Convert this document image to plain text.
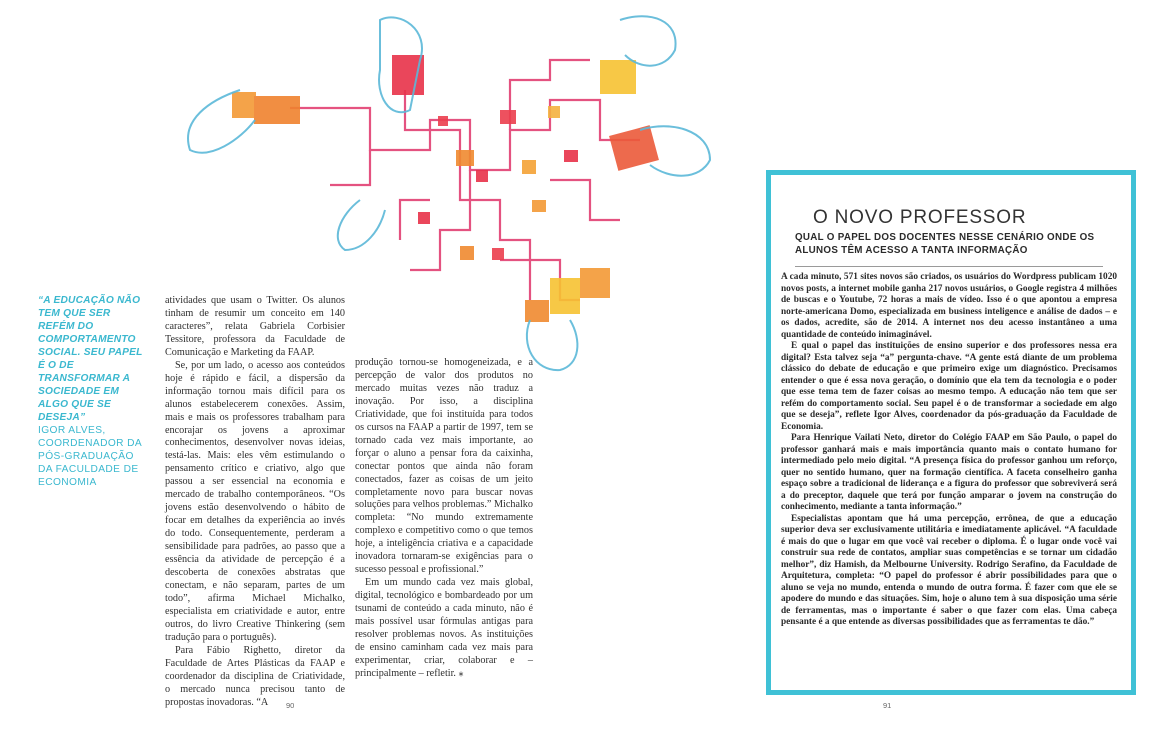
“A EDUCAÇÃO NÃO TEM QUE SER REFÉM DO COMPORTAMENTO SOCIAL. SEU PAPEL É O DE TRANSFORMAR A SOCIEDADE EM ALGO QUE SE DESEJA”
IGOR ALVES, COORDENADOR DA PÓS-GRADUAÇÃO DA FACULDADE DE ECONOMIA

atividades que usam o Twitter. Os alunos tinham de resumir um conceito em 140 caracteres”, relata Gabriela Corbisier Tessitore, professora da Faculdade de Comunicação e Marketing da FAAP.

Se, por um lado, o acesso aos conteúdos hoje é rápido e fácil, a dispersão da informação tornou mais difícil para os alunos estabelecerem conexões. Assim, mais e mais os professores trabalham para encorajar os jovens a aproximar conhecimentos, desenvolver novas ideias, testá-las. Mais: eles vêm estimulando o pensamento crítico e criativo, algo que passou a ser essencial na economia e mercado de trabalho contemporâneos. “Os jovens estão desenvolvendo o hábito de focar em detalhes da experiência ao invés do todo. Consequentemente, perderam a sensibilidade para padrões, ao passo que a essência da atividade de percepção é a descoberta de conexões abstratas que conectam, e não separam, partes de um todo”, afirma Michael Michalko, especialista em criatividade e autor, entre outros, do livro Creative Thinkering (sem tradução para o português).

Para Fábio Righetto, diretor da Faculdade de Artes Plásticas da FAAP e coordenador da disciplina de Criatividade, o mercado nunca precisou tanto de propostas inovadoras. “A

produção tornou-se homogeneizada, e a percepção de valor dos produtos no mercado muitas vezes não traduz a inovação. Por isso, a disciplina Criatividade, que foi instituída para todos os cursos na FAAP a partir de 1997, tem se tornado cada vez mais importante, ao forçar o aluno a pensar fora da caixinha, conectar pontos que ainda não foram conectados, fazer as coisas de um jeito completamente novo para buscar novas soluções para velhos problemas.” Michalko completa: “No mundo extremamente complexo e competitivo como o que temos hoje, a inteligência criativa e a capacidade inovadora tornaram-se exigências para o sucesso pessoal e profissional.”

Em um mundo cada vez mais global, digital, tecnológico e bombardeado por um tsunami de conteúdo a cada minuto, não é mais possível usar fórmulas antigas para resolver problemas novos. As instituições de ensino caminham cada vez mais para experimentar, criar, colaborar e – principalmente – refletir. ⁎

90	91
O NOVO PROFESSOR
QUAL O PAPEL DOS DOCENTES NESSE CENÁRIO ONDE OS ALUNOS TÊM ACESSO A TANTA INFORMAÇÃO

A cada minuto, 571 sites novos são criados, os usuários do Wordpress publicam 1020 novos posts, a internet mobile ganha 217 novos usuários, o Google registra 4 milhões de buscas e o Youtube, 72 horas a mais de vídeo. Isso é o que apontou a empresa norte-americana Domo, especializada em business inteligence e análise de dados – e os dados, acredite, são de 2014. A internet nos deu acesso instantâneo a uma quantidade de conteúdo inimaginável.

E qual o papel das instituições de ensino superior e dos professores nessa era digital? Esta talvez seja “a” pergunta-chave. “A gente está diante de um problema clássico do debate de educação e que primeiro exige um diagnóstico. Precisamos entender o que é essa nova geração, o domínio que ela tem da tecnologia e o poder que esse tema tem de fazer coisas ao mesmo tempo. A educação não tem que ser refém do comportamento social. Seu papel é o de transformar a sociedade em algo que se deseja”, reflete Igor Alves, coordenador da pós-graduação da Faculdade de Economia.

Para Henrique Vailati Neto, diretor do Colégio FAAP em São Paulo, o papel do professor ganhará mais e mais importância quanto mais o contato humano for intermediado pelo meio digital. “A presença física do professor ganhou um reforço, quer no sentido humano, quer na formação científica. A faceta conselheiro ganha espaço sobre a tradicional de liderança e a figura do professor que sobreviverá será a do preceptor, daquele que terá por função amparar o jovem na construção do conhecimento, mediante a tanta informação.”

Especialistas apontam que há uma percepção, errônea, de que a educação superior deva ser exclusivamente utilitária e imediatamente aplicável. “A faculdade é mais do que o lugar em que você vai receber o diploma. É o lugar onde você vai construir sua rede de contatos, ampliar suas competências e se tornar um cidadão melhor”, diz Hamish, da Melbourne University. Rodrigo Serafino, da Faculdade de Arquitetura, completa: “O papel do professor é abrir possibilidades para que o aluno se veja no mundo, entenda o mundo de outra forma. É fazer com que ele se apodere do mundo e das situações. Sim, hoje o aluno tem à sua disposição uma série de ferramentas, mas o importante é saber o que fazer com elas. Uma cabeça pensante é a que entende as diversas possibilidades que as ferramentas te dão.”
